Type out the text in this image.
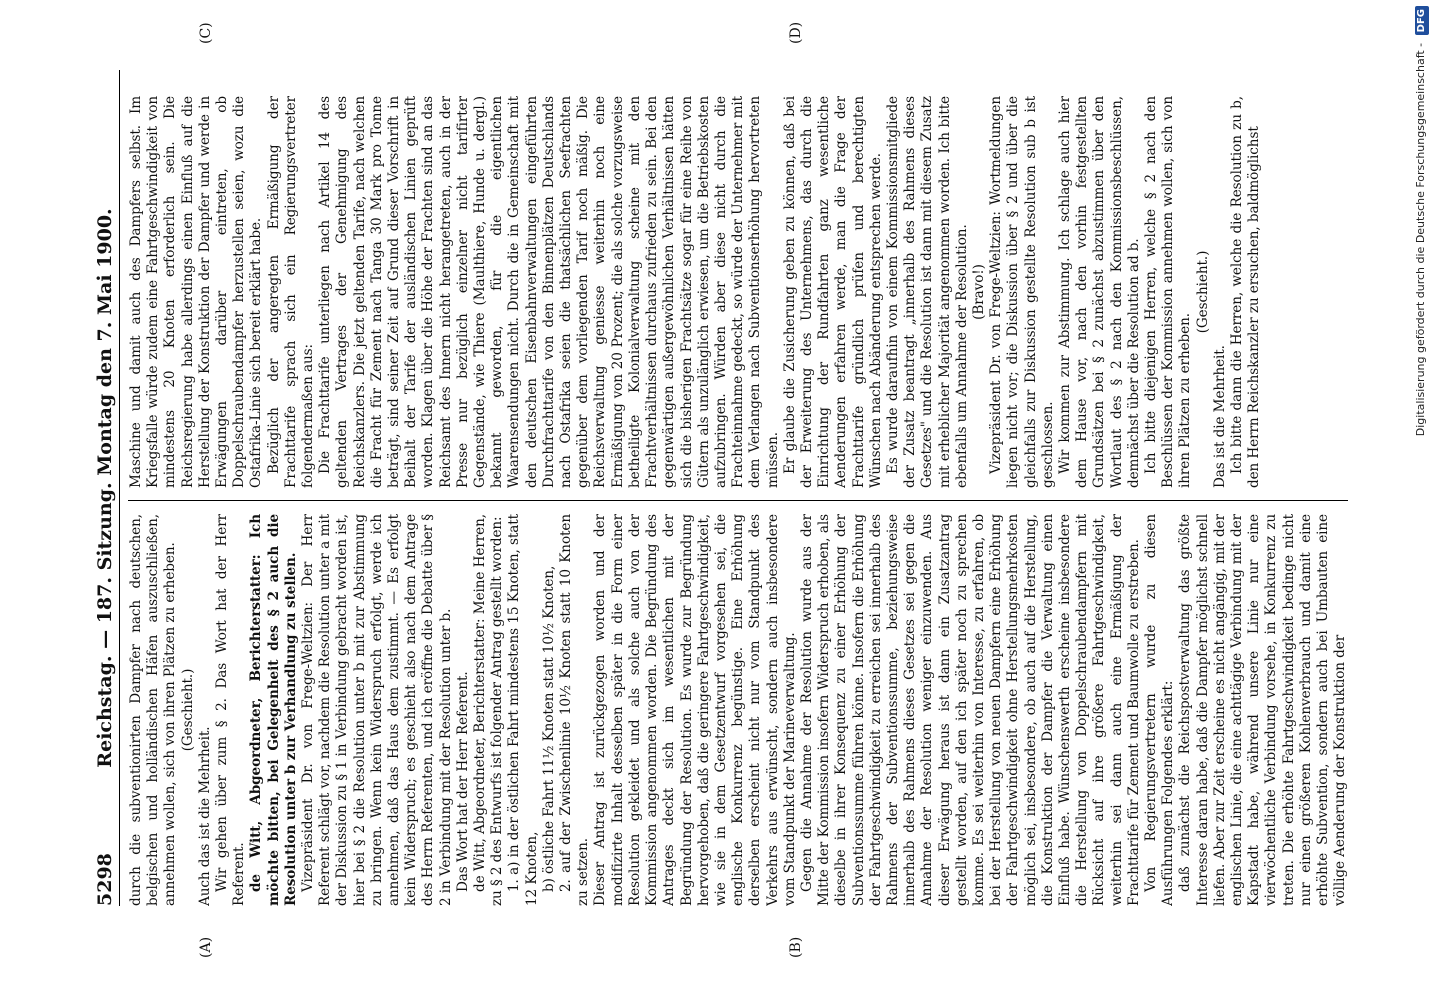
5298
Reichstag. — 187. Sitzung. Montag den 7. Mai 1900.
(A)	(B)
(C)	(D)

durch die subventionirten Dampfer nach deutschen, belgischen und holländischen Häfen auszuschließen, annehmen wollen, sich von ihren Plätzen zu erheben. (Geschieht.)

Auch das ist die Mehrheit. Wir gehen über zum § 2. Das Wort hat der Herr Referent. de Witt, Abgeordneter, Berichterstatter: Ich möchte bitten, bei Gelegenheit des § 2 auch die Resolution unter b zur Verhandlung zu stellen. Vizepräsident Dr. von Frege-Weltzien: Der Herr Referent schlägt vor, nachdem die Resolution unter a mit der Diskussion zu § 1 in Verbindung gebracht worden ist, hier bei § 2 die Resolution unter b mit zur Abstimmung zu bringen. Wenn kein Widerspruch erfolgt, werde ich annehmen, daß das Haus dem zustimmt. — Es erfolgt kein Widerspruch; es geschieht also nach dem Antrage des Herrn Referenten, und ich eröffne die Debatte über § 2 in Verbindung mit der Resolution unter b. Das Wort hat der Herr Referent. de Witt, Abgeordneter, Berichterstatter: Meine Herren, zu § 2 des Entwurfs ist folgender Antrag gestellt worden: 1. a) in der östlichen Fahrt mindestens 15 Knoten, statt 12 Knoten, b) östliche Fahrt 11½ Knoten statt 10½ Knoten, 2. auf der Zwischenlinie 10½ Knoten statt 10 Knoten zu setzen. Dieser Antrag ist zurückgezogen worden und der modifizirte Inhalt desselben später in die Form einer Resolution gekleidet und als solche auch von der Kommission angenommen worden. Die Begründung des Antrages deckt sich im wesentlichen mit der Begründung der Resolution. Es wurde zur Begründung hervorgehoben, daß die geringere Fahrtgeschwindigkeit, wie sie in dem Gesetzentwurf vorgesehen sei, die englische Konkurrenz begünstige. Eine Erhöhung derselben erscheint nicht nur vom Standpunkt des Verkehrs aus erwünscht, sondern auch insbesondere vom Standpunkt der Marineverwaltung. Gegen die Annahme der Resolution wurde aus der Mitte der Kommission insofern Widerspruch erhoben, als dieselbe in ihrer Konsequenz zu einer Erhöhung der Subventionssumme führen könne. Insofern die Erhöhung der Fahrtgeschwindigkeit zu erreichen sei innerhalb des Rahmens der Subventionssumme, beziehungsweise innerhalb des Rahmens dieses Gesetzes sei gegen die Annahme der Resolution weniger einzuwenden. Aus dieser Erwägung heraus ist dann ein Zusatzantrag gestellt worden, auf den ich später noch zu sprechen komme. Es sei weiterhin von Interesse, zu erfahren, ob bei der Herstellung von neuen Dampfern eine Erhöhung der Fahrtgeschwindigkeit ohne Herstellungsmehrkosten möglich sei, insbesondere, ob auch auf die Herstellung, die Konstruktion der Dampfer die Verwaltung einen Einfluß habe. Wünschenswerth erscheine insbesondere die Herstellung von Doppelschraubendampfern mit Rücksicht auf ihre größere Fahrtgeschwindigkeit, weiterhin sei dann auch eine Ermäßigung der Frachttarife für Zement und Baumwolle zu erstreben. Von Regierungsvertretern wurde zu diesen Ausführungen Folgendes erklärt: daß zunächst die Reichspostverwaltung das größte Interesse daran habe, daß die Dampfer möglichst schnell liefen. Aber zur Zeit erscheine es nicht angängig, mit der englischen Linie, die eine achttägige Verbindung mit der Kapstadt habe, während unsere Linie nur eine vierwöchentliche Verbindung vorsehe, in Konkurrenz zu treten. Die erhöhte Fahrtgeschwindigkeit bedinge nicht nur einen größeren Kohlenverbrauch und damit eine erhöhte Subvention, sondern auch bei Umbauten eine völlige Aenderung der Konstruktion der

Maschine und damit auch des Dampfers selbst. Im Kriegsfalle würde zudem eine Fahrtgeschwindigkeit von mindestens 20 Knoten erforderlich sein. Die Reichsregierung habe allerdings einen Einfluß auf die Herstellung der Konstruktion der Dampfer und werde in Erwägungen darüber eintreten, ob Doppelschraubendampfer herzustellen seien, wozu die Ostafrika-Linie sich bereit erklärt habe. Bezüglich der angeregten Ermäßigung der Frachttarife sprach sich ein Regierungsvertreter folgendermaßen aus: Die Frachttarife unterliegen nach Artikel 14 des geltenden Vertrages der Genehmigung des Reichskanzlers. Die jetzt geltenden Tarife, nach welchen die Fracht für Zement nach Tanga 30 Mark pro Tonne beträgt, sind seiner Zeit auf Grund dieser Vorschrift in Beihalt der Tarife der ausländischen Linien geprüft worden. Klagen über die Höhe der Frachten sind an das Reichsamt des Innern nicht herangetreten, auch in der Presse nur bezüglich einzelner nicht tarifirter Gegenstände, wie Thiere (Maulthiere, Hunde u. dergl.) bekannt geworden, für die eigentlichen Waarensendungen nicht. Durch die in Gemeinschaft mit den deutschen Eisenbahnverwaltungen eingeführten Durchfrachttarife von den Binnenplätzen Deutschlands nach Ostafrika seien die thatsächlichen Seefrachten gegenüber dem vorliegenden Tarif noch mäßig. Die Reichsverwaltung geniesse weiterhin noch eine Ermäßigung von 20 Prozent; die als solche vorzugsweise betheiligte Kolonialverwaltung scheine mit den Frachtverhältnissen durchaus zufrieden zu sein. Bei den gegenwärtigen außergewöhnlichen Verhältnissen hätten sich die bisherigen Frachtsätze sogar für eine Reihe von Gütern als unzulänglich erwiesen, um die Betriebskosten aufzubringen. Würden aber diese nicht durch die Frachteinnahme gedeckt, so würde der Unternehmer mit dem Verlangen nach Subventionserhöhung hervortreten müssen. Er glaube die Zusicherung geben zu können, daß bei der Erweiterung des Unternehmens, das durch die Einrichtung der Rundfahrten ganz wesentliche Aenderungen erfahren werde, man die Frage der Frachttarife gründlich prüfen und berechtigten Wünschen nach Abänderung entsprechen werde. Es wurde daraufhin von einem Kommissionsmitgliede der Zusatz beantragt „innerhalb des Rahmens dieses Gesetzes" und die Resolution ist dann mit diesem Zusatz mit erheblicher Majorität angenommen worden. Ich bitte ebenfalls um Annahme der Resolution. (Bravo!) Vizepräsident Dr. von Frege-Weltzien: Wortmeldungen liegen nicht vor; die Diskussion über § 2 und über die gleichfalls zur Diskussion gestellte Resolution sub b ist geschlossen. Wir kommen zur Abstimmung. Ich schlage auch hier dem Hause vor, nach den vorhin festgestellten Grundsätzen bei § 2 zunächst abzustimmen über den Wortlaut des § 2 nach den Kommissionsbeschlüssen, demnächst über die Resolution ad b. Ich bitte diejenigen Herren, welche § 2 nach den Beschlüssen der Kommission annehmen wollen, sich von ihren Plätzen zu erheben.

(Geschieht.)

Das ist die Mehrheit. Ich bitte dann die Herren, welche die Resolution zu b, den Herrn Reichskanzler zu ersuchen, baldmöglichst	Digitalisierung gefördert durch die Deutsche Forschungsgemeinschaft - DFG
